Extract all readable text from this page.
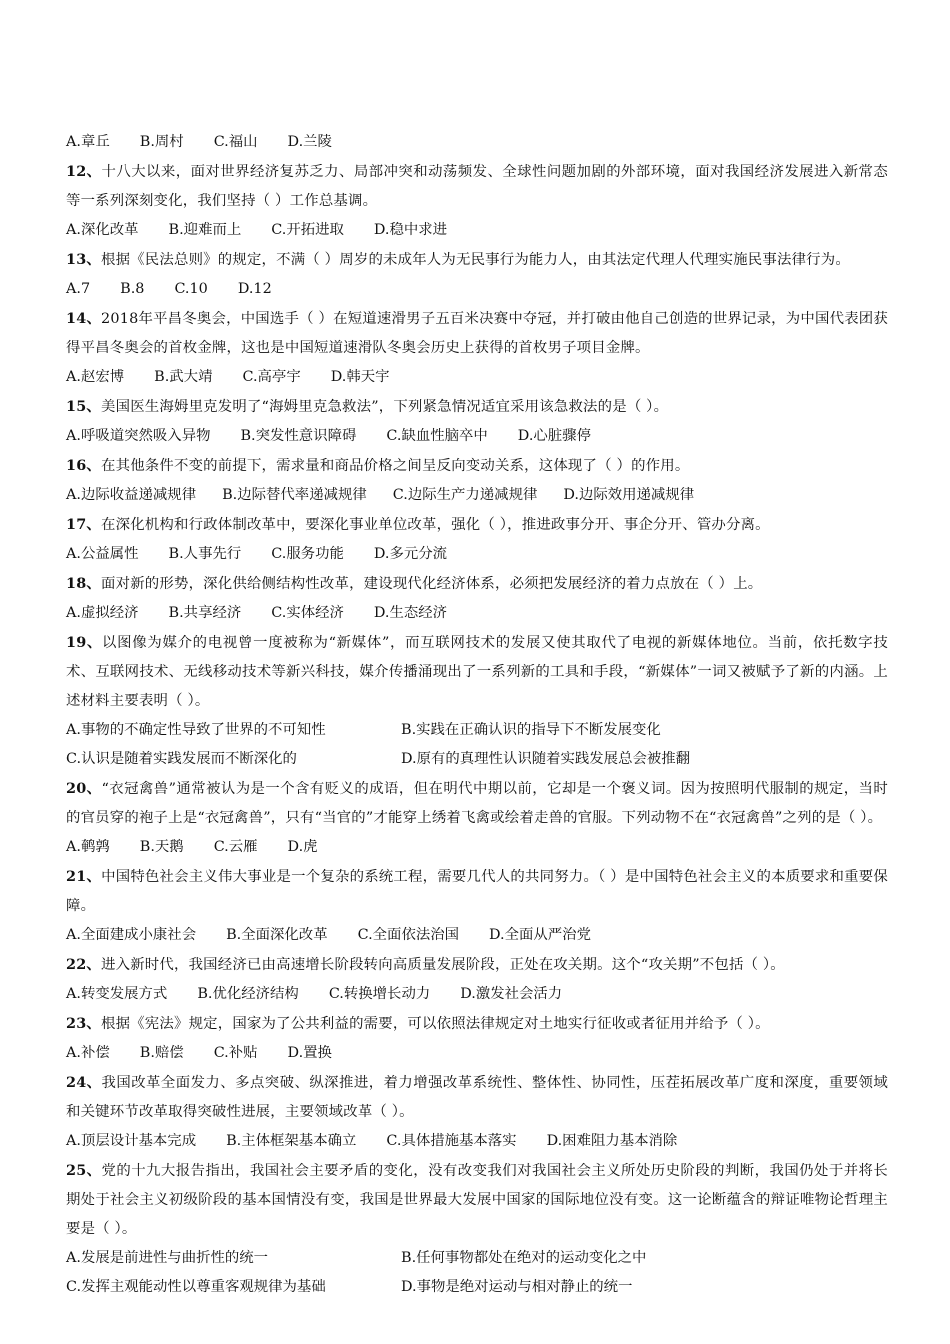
A.章丘 B.周村 C.福山 D.兰陵
12、十八大以来，面对世界经济复苏乏力、局部冲突和动荡频发、全球性问题加剧的外部环境，面对我国经济发展进入新常态等一系列深刻变化，我们坚持（ ）工作总基调。
A.深化改革 B.迎难而上 C.开拓进取 D.稳中求进
13、根据《民法总则》的规定，不满（ ）周岁的未成年人为无民事行为能力人，由其法定代理人代理实施民事法律行为。
A.7 B.8 C.10 D.12
14、2018年平昌冬奥会，中国选手（ ）在短道速滑男子五百米决赛中夺冠，并打破由他自己创造的世界记录，为中国代表团获得平昌冬奥会的首枚金牌，这也是中国短道速滑队冬奥会历史上获得的首枚男子项目金牌。
A.赵宏博 B.武大靖 C.高亭宇 D.韩天宇
15、美国医生海姆里克发明了“海姆里克急救法”，下列紧急情况适宜采用该急救法的是（ ）。
A.呼吸道突然吸入异物 B.突发性意识障碍 C.缺血性脑卒中 D.心脏骤停
16、在其他条件不变的前提下，需求量和商品价格之间呈反向变动关系，这体现了（ ）的作用。
A.边际收益递减规律 B.边际替代率递减规律 C.边际生产力递减规律 D.边际效用递减规律
17、在深化机构和行政体制改革中，要深化事业单位改革，强化（ ），推进政事分开、事企分开、管办分离。
A.公益属性 B.人事先行 C.服务功能 D.多元分流
18、面对新的形势，深化供给侧结构性改革，建设现代化经济体系，必须把发展经济的着力点放在（ ）上。
A.虚拟经济 B.共享经济 C.实体经济 D.生态经济
19、以图像为媒介的电视曾一度被称为“新媒体”，而互联网技术的发展又使其取代了电视的新媒体地位。当前，依托数字技术、互联网技术、无线移动技术等新兴科技，媒介传播涌现出了一系列新的工具和手段，“新媒体”一词又被赋予了新的内涵。上述材料主要表明（ ）。
A.事物的不确定性导致了世界的不可知性	B.实践在正确认识的指导下不断发展变化
C.认识是随着实践发展而不断深化的	D.原有的真理性认识随着实践发展总会被推翻
20、“衣冠禽兽”通常被认为是一个含有贬义的成语，但在明代中期以前，它却是一个褒义词。因为按照明代服制的规定，当时的官员穿的袍子上是“衣冠禽兽”，只有“当官的”才能穿上绣着飞禽或绘着走兽的官服。下列动物不在“衣冠禽兽”之列的是（ ）。
A.鹌鹑 B.天鹅 C.云雁 D.虎
21、中国特色社会主义伟大事业是一个复杂的系统工程，需要几代人的共同努力。（ ）是中国特色社会主义的本质要求和重要保障。
A.全面建成小康社会 B.全面深化改革 C.全面依法治国 D.全面从严治党
22、进入新时代，我国经济已由高速增长阶段转向高质量发展阶段，正处在攻关期。这个“攻关期”不包括（ ）。
A.转变发展方式 B.优化经济结构 C.转换增长动力 D.激发社会活力
23、根据《宪法》规定，国家为了公共利益的需要，可以依照法律规定对土地实行征收或者征用并给予（ ）。
A.补偿 B.赔偿 C.补贴 D.置换
24、我国改革全面发力、多点突破、纵深推进，着力增强改革系统性、整体性、协同性，压茬拓展改革广度和深度，重要领域和关键环节改革取得突破性进展，主要领域改革（ ）。
A.顶层设计基本完成 B.主体框架基本确立 C.具体措施基本落实 D.困难阻力基本消除
25、党的十九大报告指出，我国社会主要矛盾的变化，没有改变我们对我国社会主义所处历史阶段的判断，我国仍处于并将长期处于社会主义初级阶段的基本国情没有变，我国是世界最大发展中国家的国际地位没有变。这一论断蕴含的辩证唯物论哲理主要是（ ）。
A.发展是前进性与曲折性的统一	B.任何事物都处在绝对的运动变化之中
C.发挥主观能动性以尊重客观规律为基础	D.事物是绝对运动与相对静止的统一
